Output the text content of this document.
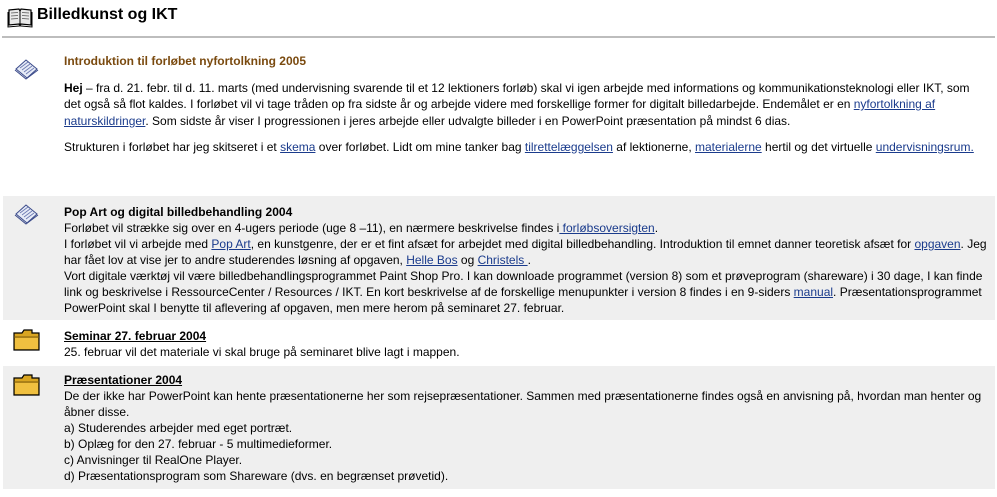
Billedkunst og IKT
Introduktion til forløbet nyfortolkning 2005

Hej – fra d. 21. febr. til d. 11. marts (med undervisning svarende til et 12 lektioners forløb) skal vi igen arbejde med informations og kommunikationsteknologi eller IKT, som det også så flot kaldes. I forløbet vil vi tage tråden op fra sidste år og arbejde videre med forskellige former for digitalt billedarbejde. Endemålet er en nyfortolkning af naturskildringer. Som sidste år viser I progressionen i jeres arbejde eller udvalgte billeder i en PowerPoint præsentation på mindst 6 dias.

Strukturen i forløbet har jeg skitseret i et skema over forløbet. Lidt om mine tanker bag tilrettelæggelsen af lektionerne, materialerne hertil og det virtuelle undervisningsrum.

Pop Art og digital billedbehandling 2004
Forløbet vil strække sig over en 4-ugers periode (uge 8 –11), en nærmere beskrivelse findes i forløbsoversigten.
I forløbet vil vi arbejde med Pop Art, en kunstgenre, der er et fint afsæt for arbejdet med digital billedbehandling. Introduktion til emnet danner teoretisk afsæt for opgaven. Jeg har fået lov at vise jer to andre studerendes løsning af opgaven, Helle Bos og Christels .
Vort digitale værktøj vil være billedbehandlingsprogrammet Paint Shop Pro. I kan downloade programmet (version 8) som et prøveprogram (shareware) i 30 dage, I kan finde link og beskrivelse i RessourceCenter / Resources / IKT. En kort beskrivelse af de forskellige menupunkter i version 8 findes i en 9-siders manual. Præsentationsprogrammet PowerPoint skal I benytte til aflevering af opgaven, men mere herom på seminaret 27. februar.
Seminar 27. februar 2004
25. februar vil det materiale vi skal bruge på seminaret blive lagt i mappen.
Præsentationer 2004
De der ikke har PowerPoint kan hente præsentationerne her som rejsepræsentationer. Sammen med præsentationerne findes også en anvisning på, hvordan man henter og åbner disse.
a) Studerendes arbejder med eget portræt.
b) Oplæg for den 27. februar - 5 multimedieformer.
c) Anvisninger til RealOne Player.
d) Præsentationsprogram som Shareware (dvs. en begrænset prøvetid).
